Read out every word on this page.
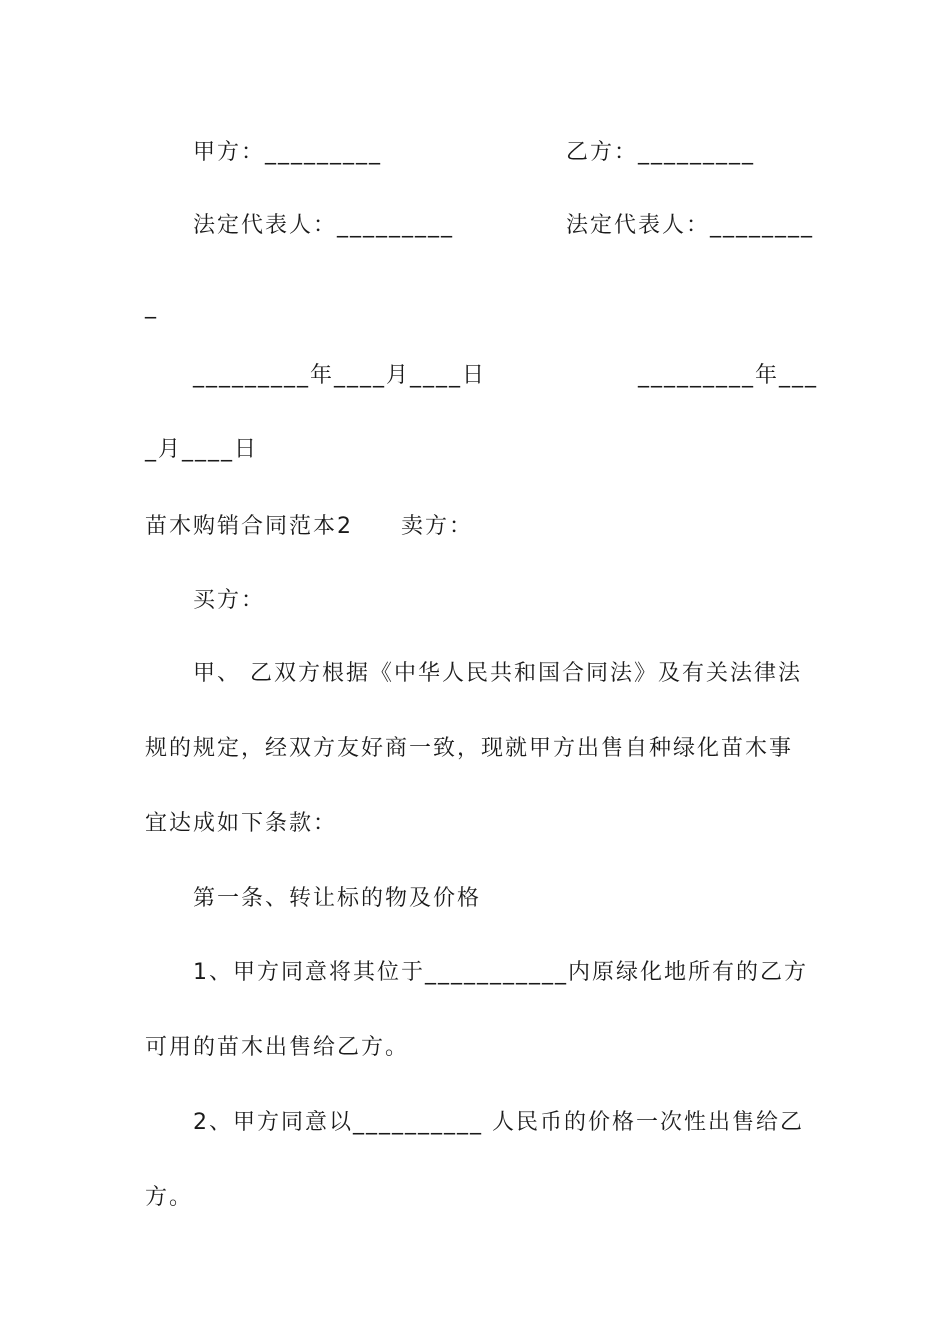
甲方：_________	乙方：_________
法定代表人：_________	法定代表人：________
_
_________年____月____日	_________年___
_月____日
苗木购销合同范本2　　卖方：
买方：
甲、 乙双方根据《中华人民共和国合同法》及有关法律法
规的规定，经双方友好商一致，现就甲方出售自种绿化苗木事
宜达成如下条款：
第一条、转让标的物及价格
1、甲方同意将其位于___________内原绿化地所有的乙方
可用的苗木出售给乙方。
2、甲方同意以__________ 人民币的价格一次性出售给乙
方。
